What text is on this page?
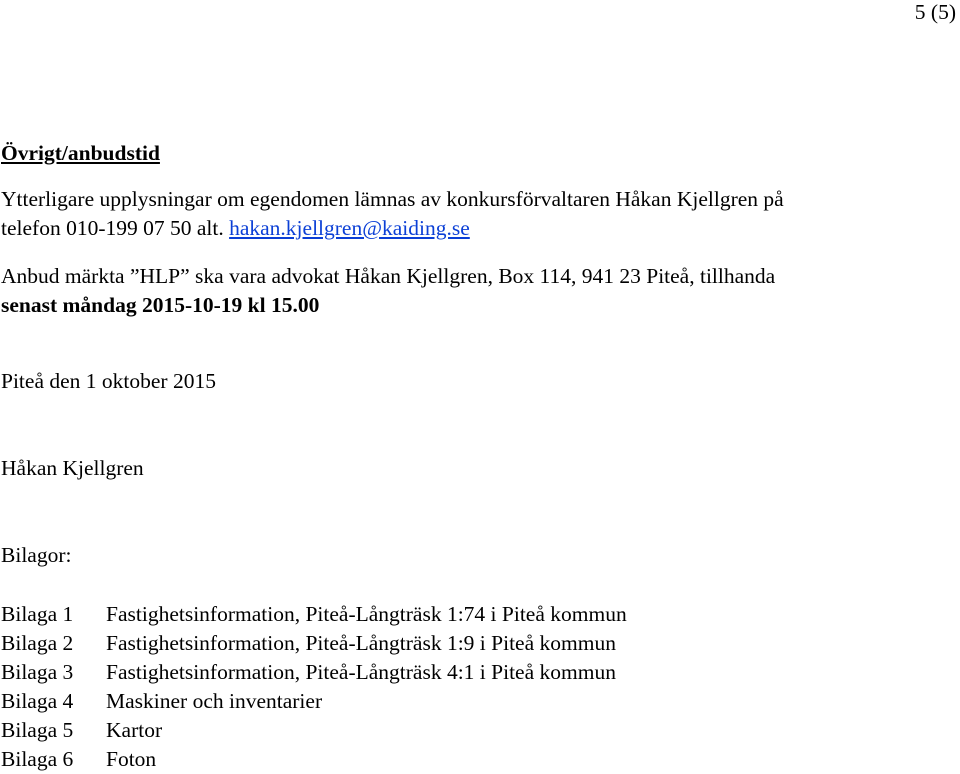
5 (5)
Övrigt/anbudstid
Ytterligare upplysningar om egendomen lämnas av konkursförvaltaren Håkan Kjellgren på
telefon 010-199 07 50 alt. hakan.kjellgren@kaiding.se
Anbud märkta ”HLP” ska vara advokat Håkan Kjellgren, Box 114, 941 23 Piteå, tillhanda
senast måndag 2015-10-19 kl 15.00
Piteå den 1 oktober 2015
Håkan Kjellgren
Bilagor:
Bilaga 1 Fastighetsinformation, Piteå-Långträsk 1:74 i Piteå kommun
Bilaga 2 Fastighetsinformation, Piteå-Långträsk 1:9 i Piteå kommun
Bilaga 3 Fastighetsinformation, Piteå-Långträsk 4:1 i Piteå kommun
Bilaga 4 Maskiner och inventarier
Bilaga 5 Kartor
Bilaga 6 Foton
